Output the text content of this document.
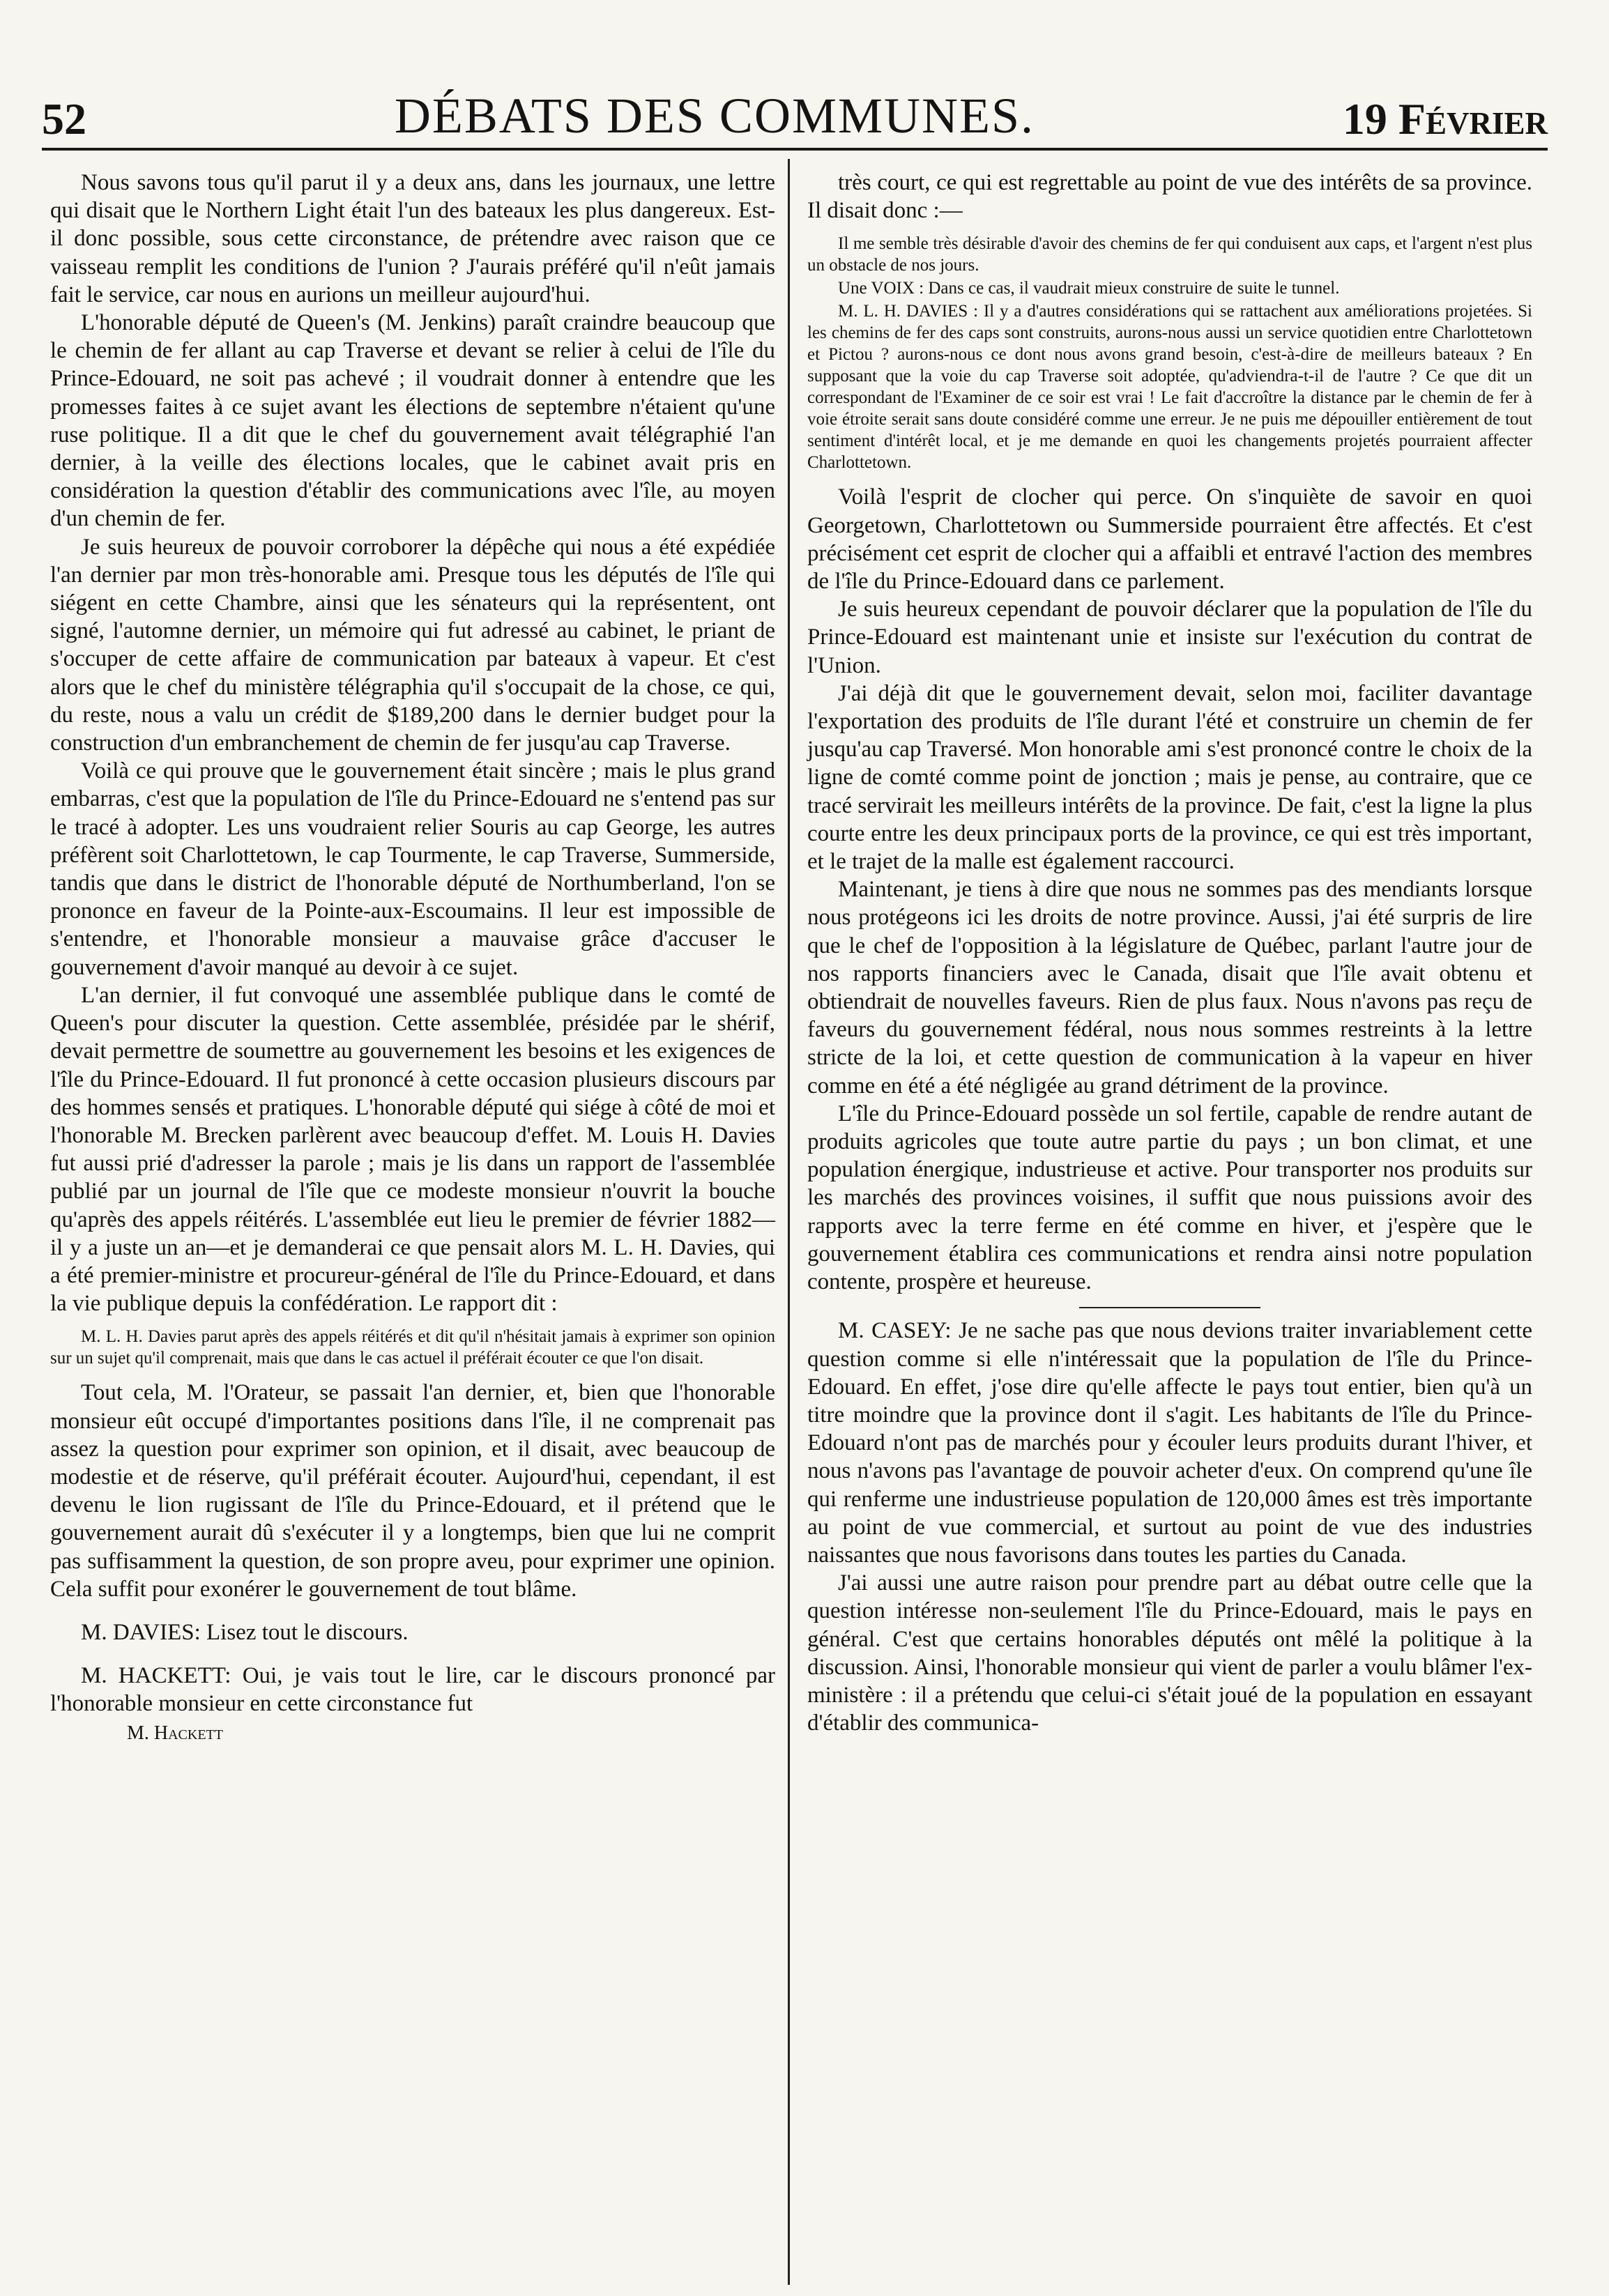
52	DÉBATS DES COMMUNES.	19 Février

Nous savons tous qu'il parut il y a deux ans, dans les journaux, une lettre qui disait que le Northern Light était l'un des bateaux les plus dangereux. Est-il donc possible, sous cette circonstance, de prétendre avec raison que ce vaisseau remplit les conditions de l'union ? J'aurais préféré qu'il n'eût jamais fait le service, car nous en aurions un meilleur aujourd'hui.

L'honorable député de Queen's (M. Jenkins) paraît craindre beaucoup que le chemin de fer allant au cap Traverse et devant se relier à celui de l'île du Prince-Edouard, ne soit pas achevé ; il voudrait donner à entendre que les promesses faites à ce sujet avant les élections de septembre n'étaient qu'une ruse politique. Il a dit que le chef du gouvernement avait télégraphié l'an dernier, à la veille des élections locales, que le cabinet avait pris en considération la question d'établir des communications avec l'île, au moyen d'un chemin de fer.

Je suis heureux de pouvoir corroborer la dépêche qui nous a été expédiée l'an dernier par mon très-honorable ami. Presque tous les députés de l'île qui siégent en cette Chambre, ainsi que les sénateurs qui la représentent, ont signé, l'automne dernier, un mémoire qui fut adressé au cabinet, le priant de s'occuper de cette affaire de communication par bateaux à vapeur. Et c'est alors que le chef du ministère télégraphia qu'il s'occupait de la chose, ce qui, du reste, nous a valu un crédit de $189,200 dans le dernier budget pour la construction d'un embranchement de chemin de fer jusqu'au cap Traverse.

Voilà ce qui prouve que le gouvernement était sincère ; mais le plus grand embarras, c'est que la population de l'île du Prince-Edouard ne s'entend pas sur le tracé à adopter. Les uns voudraient relier Souris au cap George, les autres préfèrent soit Charlottetown, le cap Tourmente, le cap Traverse, Summerside, tandis que dans le district de l'honorable député de Northumberland, l'on se prononce en faveur de la Pointe-aux-Escoumains. Il leur est impossible de s'entendre, et l'honorable monsieur a mauvaise grâce d'accuser le gouvernement d'avoir manqué au devoir à ce sujet.

L'an dernier, il fut convoqué une assemblée publique dans le comté de Queen's pour discuter la question. Cette assemblée, présidée par le shérif, devait permettre de soumettre au gouvernement les besoins et les exigences de l'île du Prince-Edouard. Il fut prononcé à cette occasion plusieurs discours par des hommes sensés et pratiques. L'honorable député qui siége à côté de moi et l'honorable M. Brecken parlèrent avec beaucoup d'effet. M. Louis H. Davies fut aussi prié d'adresser la parole ; mais je lis dans un rapport de l'assemblée publié par un journal de l'île que ce modeste monsieur n'ouvrit la bouche qu'après des appels réitérés. L'assemblée eut lieu le premier de février 1882—il y a juste un an—et je demanderai ce que pensait alors M. L. H. Davies, qui a été premier-ministre et procureur-général de l'île du Prince-Edouard, et dans la vie publique depuis la confédération. Le rapport dit :

M. L. H. Davies parut après des appels réitérés et dit qu'il n'hésitait jamais à exprimer son opinion sur un sujet qu'il comprenait, mais que dans le cas actuel il préférait écouter ce que l'on disait.

Tout cela, M. l'Orateur, se passait l'an dernier, et, bien que l'honorable monsieur eût occupé d'importantes positions dans l'île, il ne comprenait pas assez la question pour exprimer son opinion, et il disait, avec beaucoup de modestie et de réserve, qu'il préférait écouter. Aujourd'hui, cependant, il est devenu le lion rugissant de l'île du Prince-Edouard, et il prétend que le gouvernement aurait dû s'exécuter il y a longtemps, bien que lui ne comprit pas suffisamment la question, de son propre aveu, pour exprimer une opinion. Cela suffit pour exonérer le gouvernement de tout blâme.

M. DAVIES: Lisez tout le discours.

M. HACKETT: Oui, je vais tout le lire, car le discours prononcé par l'honorable monsieur en cette circonstance fut

M. Hackett

très court, ce qui est regrettable au point de vue des intérêts de sa province. Il disait donc :—

Il me semble très désirable d'avoir des chemins de fer qui conduisent aux caps, et l'argent n'est plus un obstacle de nos jours.

Une VOIX : Dans ce cas, il vaudrait mieux construire de suite le tunnel.

M. L. H. DAVIES : Il y a d'autres considérations qui se rattachent aux améliorations projetées. Si les chemins de fer des caps sont construits, aurons-nous aussi un service quotidien entre Charlottetown et Pictou ? aurons-nous ce dont nous avons grand besoin, c'est-à-dire de meilleurs bateaux ? En supposant que la voie du cap Traverse soit adoptée, qu'adviendra-t-il de l'autre ? Ce que dit un correspondant de l'Examiner de ce soir est vrai ! Le fait d'accroître la distance par le chemin de fer à voie étroite serait sans doute considéré comme une erreur. Je ne puis me dépouiller entièrement de tout sentiment d'intérêt local, et je me demande en quoi les changements projetés pourraient affecter Charlottetown.

Voilà l'esprit de clocher qui perce. On s'inquiète de savoir en quoi Georgetown, Charlottetown ou Summerside pourraient être affectés. Et c'est précisément cet esprit de clocher qui a affaibli et entravé l'action des membres de l'île du Prince-Edouard dans ce parlement.

Je suis heureux cependant de pouvoir déclarer que la population de l'île du Prince-Edouard est maintenant unie et insiste sur l'exécution du contrat de l'Union.

J'ai déjà dit que le gouvernement devait, selon moi, faciliter davantage l'exportation des produits de l'île durant l'été et construire un chemin de fer jusqu'au cap Traversé. Mon honorable ami s'est prononcé contre le choix de la ligne de comté comme point de jonction ; mais je pense, au contraire, que ce tracé servirait les meilleurs intérêts de la province. De fait, c'est la ligne la plus courte entre les deux principaux ports de la province, ce qui est très important, et le trajet de la malle est également raccourci.

Maintenant, je tiens à dire que nous ne sommes pas des mendiants lorsque nous protégeons ici les droits de notre province. Aussi, j'ai été surpris de lire que le chef de l'opposition à la législature de Québec, parlant l'autre jour de nos rapports financiers avec le Canada, disait que l'île avait obtenu et obtiendrait de nouvelles faveurs. Rien de plus faux. Nous n'avons pas reçu de faveurs du gouvernement fédéral, nous nous sommes restreints à la lettre stricte de la loi, et cette question de communication à la vapeur en hiver comme en été a été négligée au grand détriment de la province.

L'île du Prince-Edouard possède un sol fertile, capable de rendre autant de produits agricoles que toute autre partie du pays ; un bon climat, et une population énergique, industrieuse et active. Pour transporter nos produits sur les marchés des provinces voisines, il suffit que nous puissions avoir des rapports avec la terre ferme en été comme en hiver, et j'espère que le gouvernement établira ces communications et rendra ainsi notre population contente, prospère et heureuse.

M. CASEY: Je ne sache pas que nous devions traiter invariablement cette question comme si elle n'intéressait que la population de l'île du Prince-Edouard. En effet, j'ose dire qu'elle affecte le pays tout entier, bien qu'à un titre moindre que la province dont il s'agit. Les habitants de l'île du Prince-Edouard n'ont pas de marchés pour y écouler leurs produits durant l'hiver, et nous n'avons pas l'avantage de pouvoir acheter d'eux. On comprend qu'une île qui renferme une industrieuse population de 120,000 âmes est très importante au point de vue commercial, et surtout au point de vue des industries naissantes que nous favorisons dans toutes les parties du Canada.

J'ai aussi une autre raison pour prendre part au débat outre celle que la question intéresse non-seulement l'île du Prince-Edouard, mais le pays en général. C'est que certains honorables députés ont mêlé la politique à la discussion. Ainsi, l'honorable monsieur qui vient de parler a voulu blâmer l'ex-ministère : il a prétendu que celui-ci s'était joué de la population en essayant d'établir des communica-
